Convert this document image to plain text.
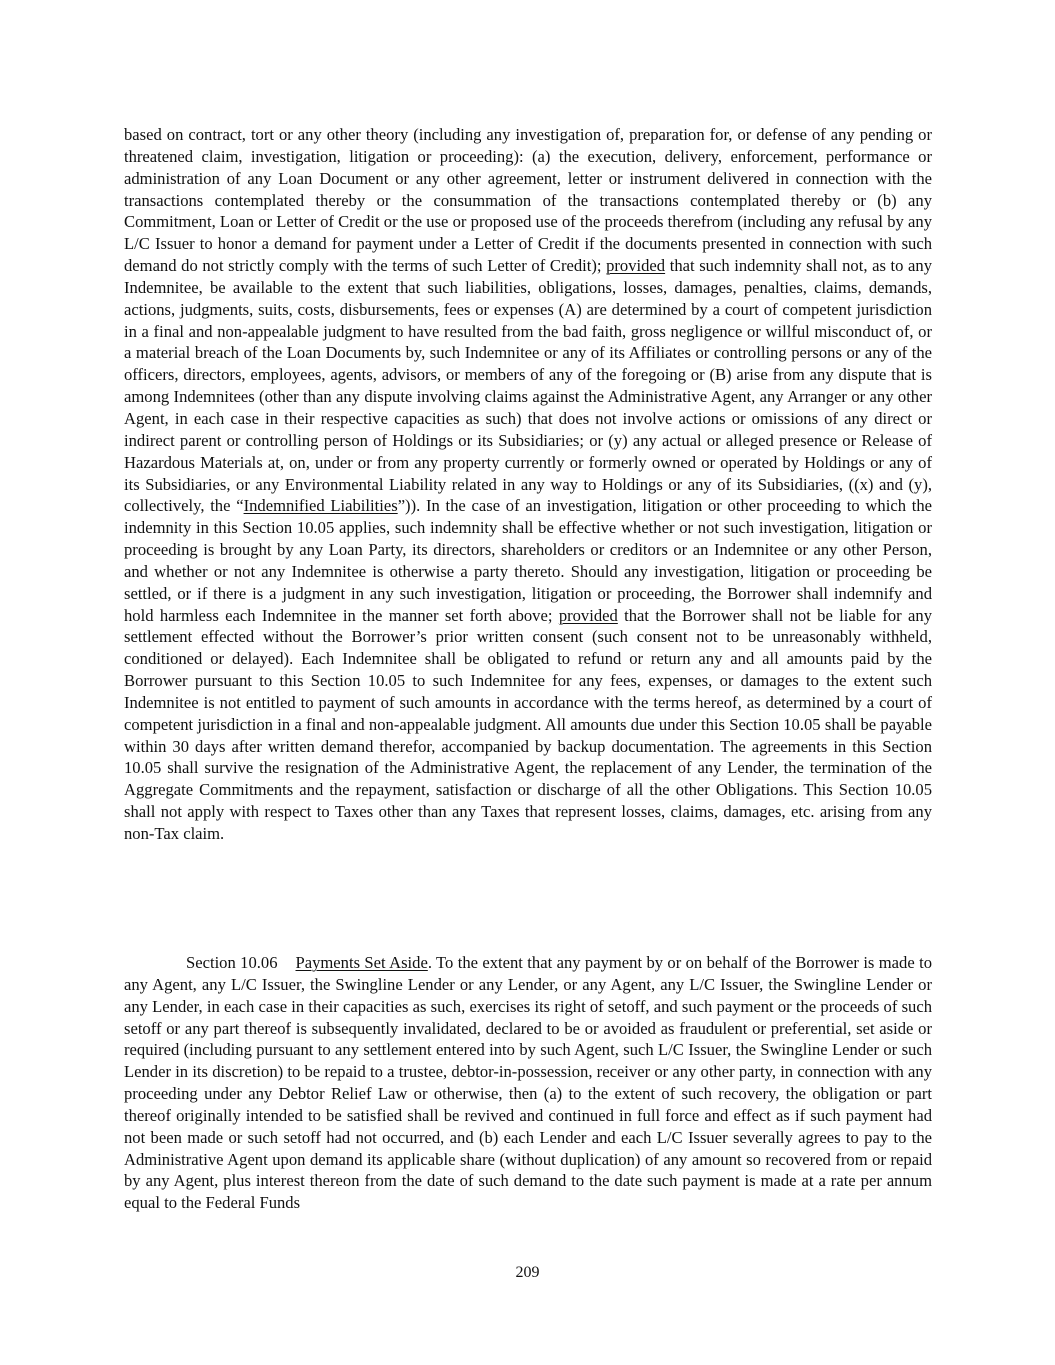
based on contract, tort or any other theory (including any investigation of, preparation for, or defense of any pending or threatened claim, investigation, litigation or proceeding): (a) the execution, delivery, enforcement, performance or administration of any Loan Document or any other agreement, letter or instrument delivered in connection with the transactions contemplated thereby or the consummation of the transactions contemplated thereby or (b) any Commitment, Loan or Letter of Credit or the use or proposed use of the proceeds therefrom (including any refusal by any L/C Issuer to honor a demand for payment under a Letter of Credit if the documents presented in connection with such demand do not strictly comply with the terms of such Letter of Credit); provided that such indemnity shall not, as to any Indemnitee, be available to the extent that such liabilities, obligations, losses, damages, penalties, claims, demands, actions, judgments, suits, costs, disbursements, fees or expenses (A) are determined by a court of competent jurisdiction in a final and non-appealable judgment to have resulted from the bad faith, gross negligence or willful misconduct of, or a material breach of the Loan Documents by, such Indemnitee or any of its Affiliates or controlling persons or any of the officers, directors, employees, agents, advisors, or members of any of the foregoing or (B) arise from any dispute that is among Indemnitees (other than any dispute involving claims against the Administrative Agent, any Arranger or any other Agent, in each case in their respective capacities as such) that does not involve actions or omissions of any direct or indirect parent or controlling person of Holdings or its Subsidiaries; or (y) any actual or alleged presence or Release of Hazardous Materials at, on, under or from any property currently or formerly owned or operated by Holdings or any of its Subsidiaries, or any Environmental Liability related in any way to Holdings or any of its Subsidiaries, ((x) and (y), collectively, the “Indemnified Liabilities”)). In the case of an investigation, litigation or other proceeding to which the indemnity in this Section 10.05 applies, such indemnity shall be effective whether or not such investigation, litigation or proceeding is brought by any Loan Party, its directors, shareholders or creditors or an Indemnitee or any other Person, and whether or not any Indemnitee is otherwise a party thereto. Should any investigation, litigation or proceeding be settled, or if there is a judgment in any such investigation, litigation or proceeding, the Borrower shall indemnify and hold harmless each Indemnitee in the manner set forth above; provided that the Borrower shall not be liable for any settlement effected without the Borrower’s prior written consent (such consent not to be unreasonably withheld, conditioned or delayed). Each Indemnitee shall be obligated to refund or return any and all amounts paid by the Borrower pursuant to this Section 10.05 to such Indemnitee for any fees, expenses, or damages to the extent such Indemnitee is not entitled to payment of such amounts in accordance with the terms hereof, as determined by a court of competent jurisdiction in a final and non-appealable judgment. All amounts due under this Section 10.05 shall be payable within 30 days after written demand therefor, accompanied by backup documentation. The agreements in this Section 10.05 shall survive the resignation of the Administrative Agent, the replacement of any Lender, the termination of the Aggregate Commitments and the repayment, satisfaction or discharge of all the other Obligations. This Section 10.05 shall not apply with respect to Taxes other than any Taxes that represent losses, claims, damages, etc. arising from any non-Tax claim.

Section 10.06 Payments Set Aside. To the extent that any payment by or on behalf of the Borrower is made to any Agent, any L/C Issuer, the Swingline Lender or any Lender, or any Agent, any L/C Issuer, the Swingline Lender or any Lender, in each case in their capacities as such, exercises its right of setoff, and such payment or the proceeds of such setoff or any part thereof is subsequently invalidated, declared to be or avoided as fraudulent or preferential, set aside or required (including pursuant to any settlement entered into by such Agent, such L/C Issuer, the Swingline Lender or such Lender in its discretion) to be repaid to a trustee, debtor-in-possession, receiver or any other party, in connection with any proceeding under any Debtor Relief Law or otherwise, then (a) to the extent of such recovery, the obligation or part thereof originally intended to be satisfied shall be revived and continued in full force and effect as if such payment had not been made or such setoff had not occurred, and (b) each Lender and each L/C Issuer severally agrees to pay to the Administrative Agent upon demand its applicable share (without duplication) of any amount so recovered from or repaid by any Agent, plus interest thereon from the date of such demand to the date such payment is made at a rate per annum equal to the Federal Funds

209
